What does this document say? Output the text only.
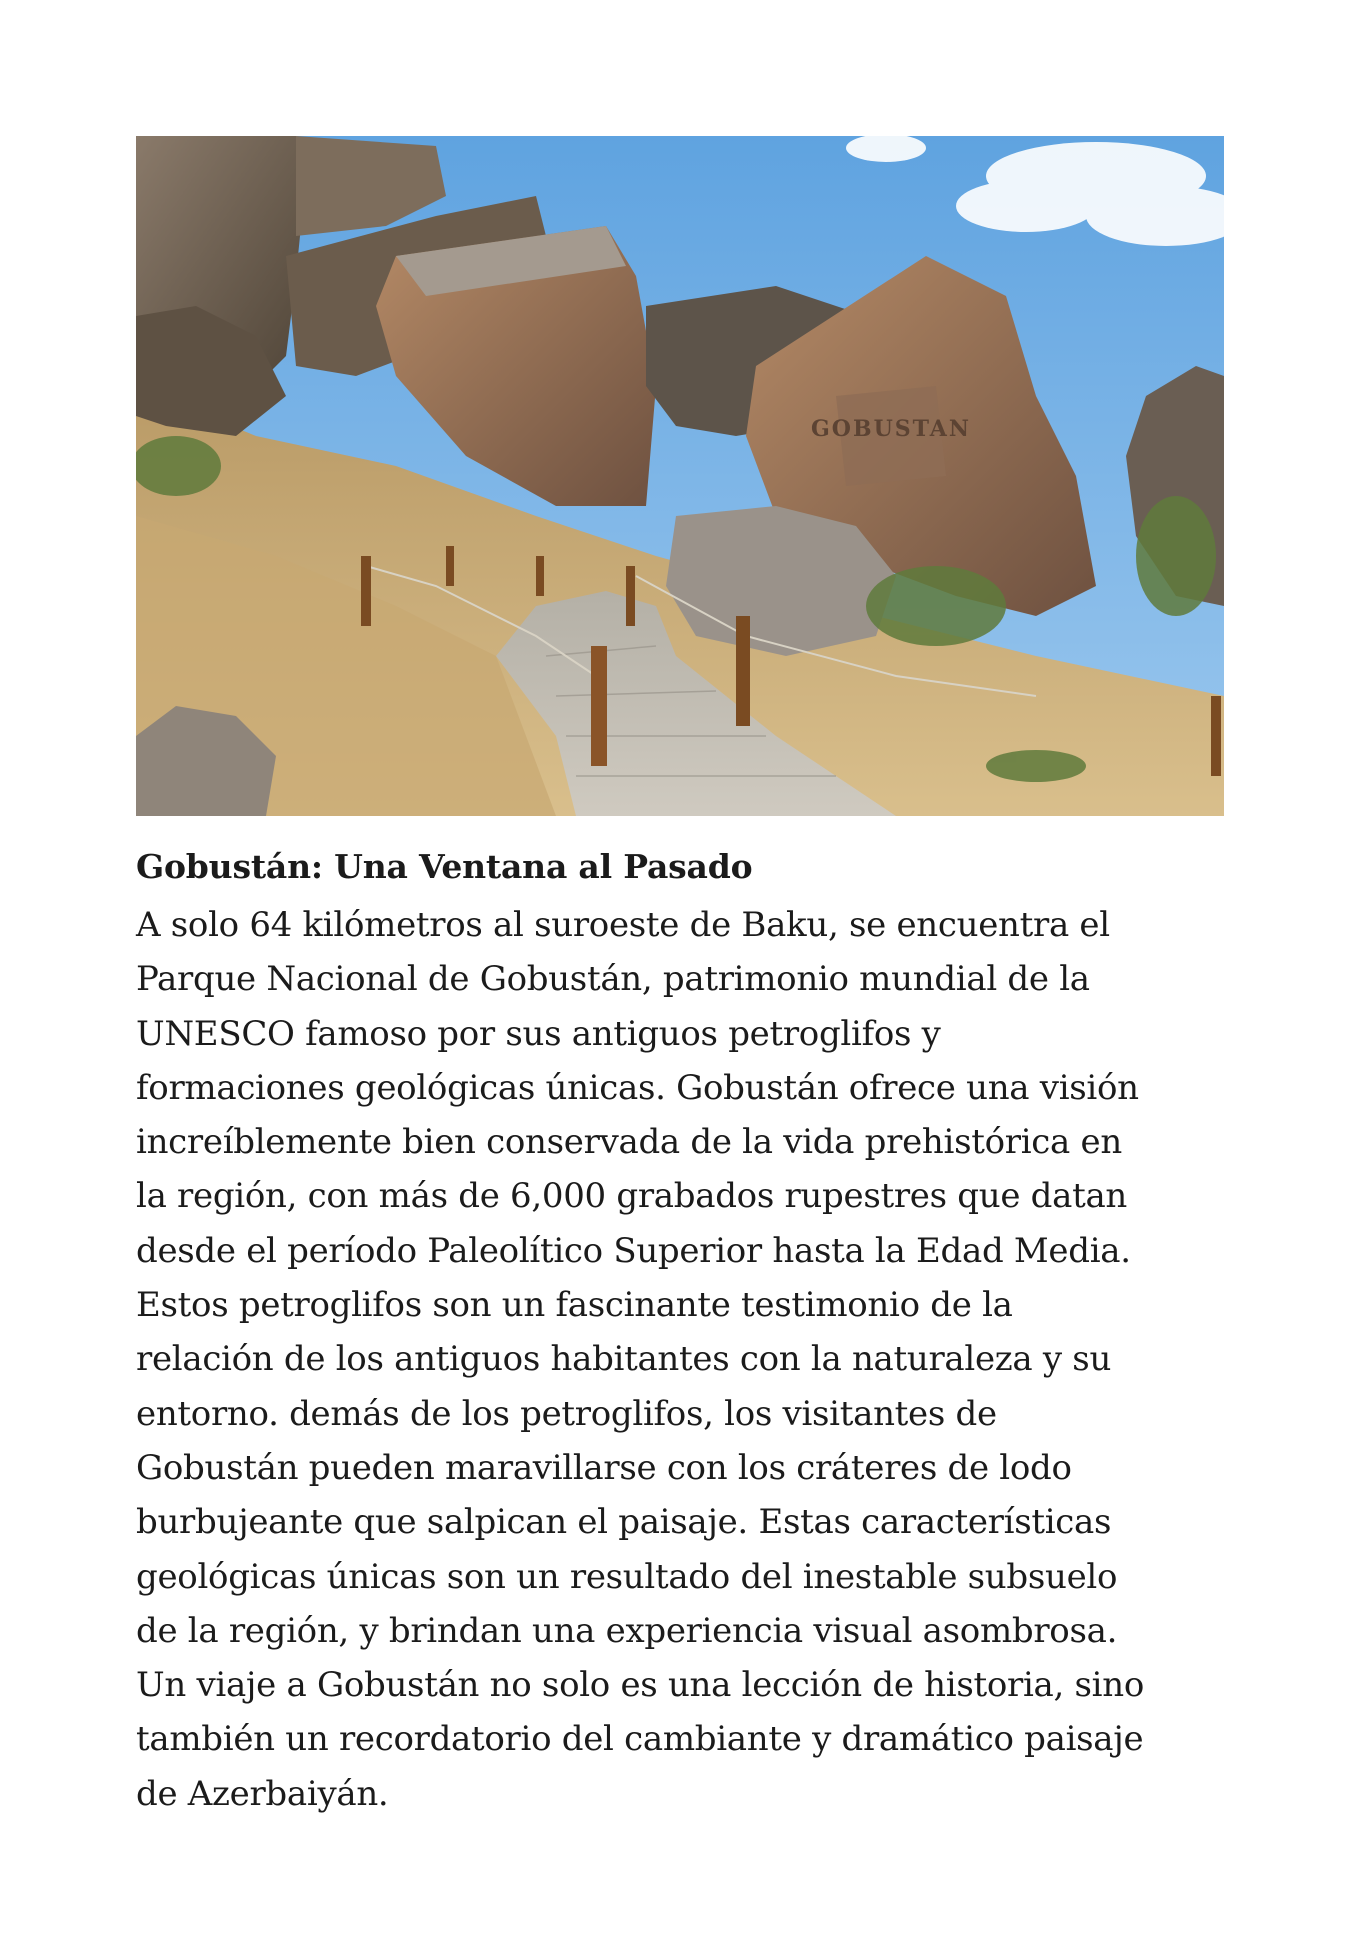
GOBUSTAN
Gobustán: Una Ventana al Pasado

A solo 64 kilómetros al suroeste de Baku, se encuentra el
Parque Nacional de Gobustán, patrimonio mundial de la
UNESCO famoso por sus antiguos petroglifos y
formaciones geológicas únicas. Gobustán ofrece una visión
increíblemente bien conservada de la vida prehistórica en
la región, con más de 6,000 grabados rupestres que datan
desde el período Paleolítico Superior hasta la Edad Media.
Estos petroglifos son un fascinante testimonio de la
relación de los antiguos habitantes con la naturaleza y su
entorno. demás de los petroglifos, los visitantes de
Gobustán pueden maravillarse con los cráteres de lodo
burbujeante que salpican el paisaje. Estas características
geológicas únicas son un resultado del inestable subsuelo
de la región, y brindan una experiencia visual asombrosa.
Un viaje a Gobustán no solo es una lección de historia, sino
también un recordatorio del cambiante y dramático paisaje
de Azerbaiyán.
